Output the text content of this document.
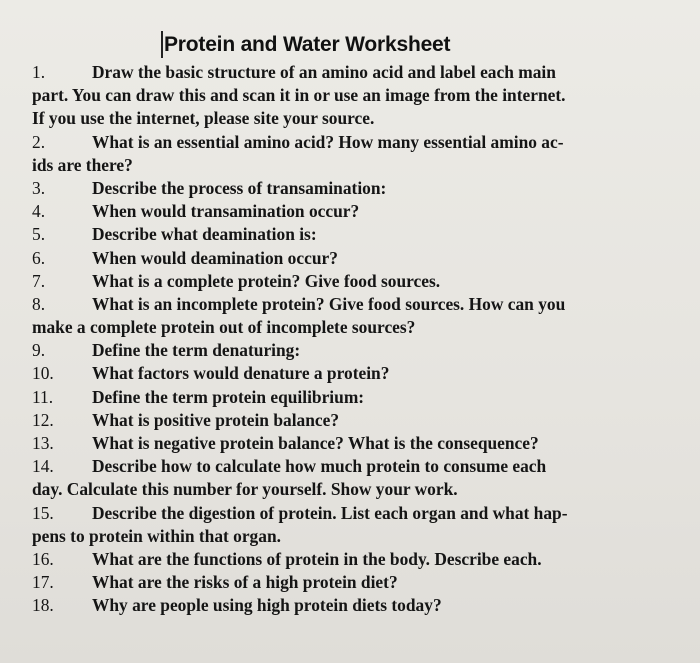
Protein and Water Worksheet
1.	Draw the basic structure of an amino acid and label each main
part. You can draw this and scan it in or use an image from the internet.
If you use the internet, please site your source.
2.	What is an essential amino acid? How many essential amino ac-
ids are there?
3.	Describe the process of transamination:
4.	When would transamination occur?
5.	Describe what deamination is:
6.	When would deamination occur?
7.	What is a complete protein? Give food sources.
8.	What is an incomplete protein? Give food sources. How can you
make a complete protein out of incomplete sources?
9.	Define the term denaturing:
10. What factors would denature a protein?
11. Define the term protein equilibrium:
12. What is positive protein balance?
13. What is negative protein balance? What is the consequence?
14. Describe how to calculate how much protein to consume each
day. Calculate this number for yourself. Show your work.
15. Describe the digestion of protein. List each organ and what hap-
pens to protein within that organ.
16. What are the functions of protein in the body. Describe each.
17. What are the risks of a high protein diet?
18. Why are people using high protein diets today?
